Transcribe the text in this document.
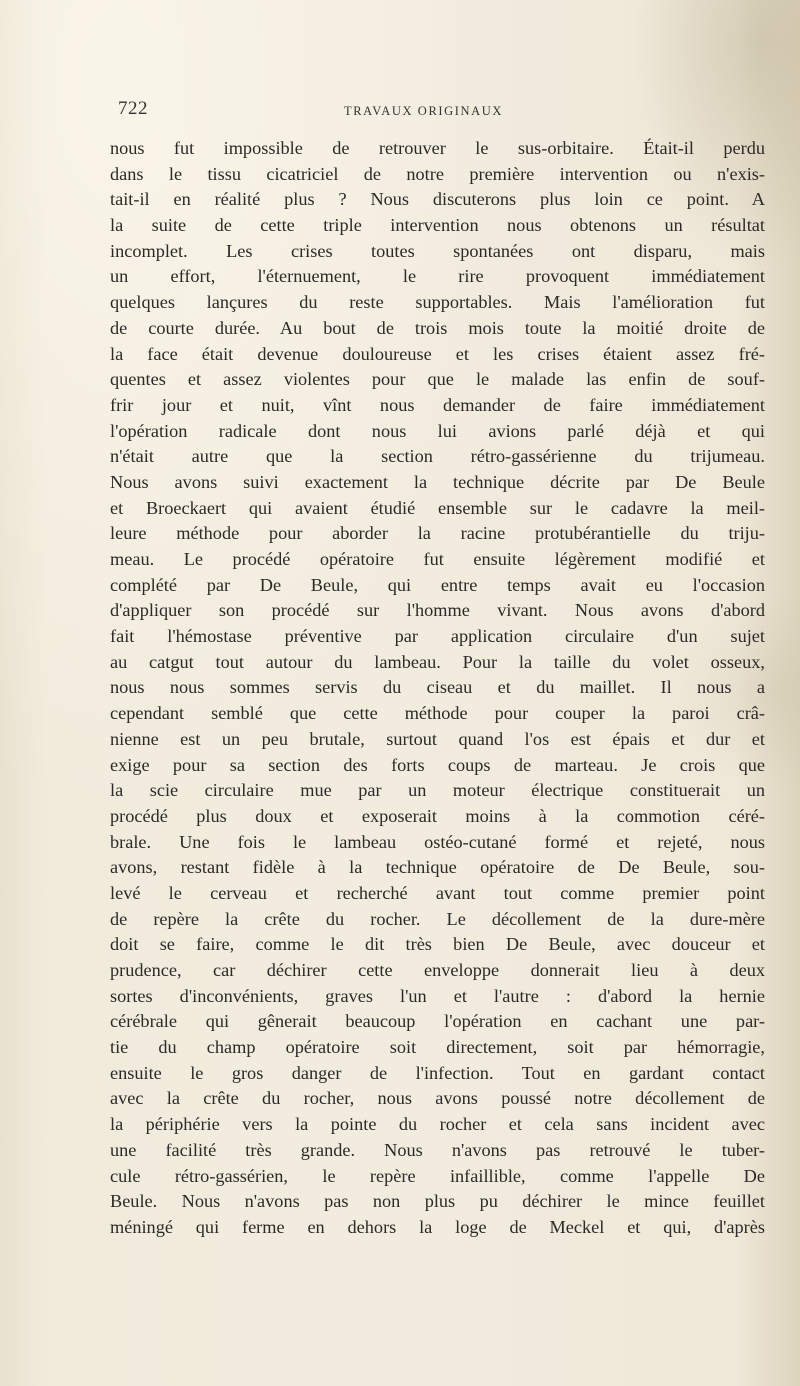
722	TRAVAUX ORIGINAUX
nous fut impossible de retrouver le sus-orbitaire. Était-il perdu
dans le tissu cicatriciel de notre première intervention ou n'exis-
tait-il en réalité plus ? Nous discuterons plus loin ce point. A
la suite de cette triple intervention nous obtenons un résultat
incomplet. Les crises toutes spontanées ont disparu, mais
un effort, l'éternuement, le rire provoquent immédiatement
quelques lançures du reste supportables. Mais l'amélioration fut
de courte durée. Au bout de trois mois toute la moitié droite de
la face était devenue douloureuse et les crises étaient assez fré-
quentes et assez violentes pour que le malade las enfin de souf-
frir jour et nuit, vînt nous demander de faire immédiatement
l'opération radicale dont nous lui avions parlé déjà et qui
n'était autre que la section rétro-gassérienne du trijumeau.
Nous avons suivi exactement la technique décrite par De Beule
et Broeckaert qui avaient étudié ensemble sur le cadavre la meil-
leure méthode pour aborder la racine protubérantielle du triju-
meau. Le procédé opératoire fut ensuite légèrement modifié et
complété par De Beule, qui entre temps avait eu l'occasion
d'appliquer son procédé sur l'homme vivant. Nous avons d'abord
fait l'hémostase préventive par application circulaire d'un sujet
au catgut tout autour du lambeau. Pour la taille du volet osseux,
nous nous sommes servis du ciseau et du maillet. Il nous a
cependant semblé que cette méthode pour couper la paroi crâ-
nienne est un peu brutale, surtout quand l'os est épais et dur et
exige pour sa section des forts coups de marteau. Je crois que
la scie circulaire mue par un moteur électrique constituerait un
procédé plus doux et exposerait moins à la commotion céré-
brale. Une fois le lambeau ostéo-cutané formé et rejeté, nous
avons, restant fidèle à la technique opératoire de De Beule, sou-
levé le cerveau et recherché avant tout comme premier point
de repère la crête du rocher. Le décollement de la dure-mère
doit se faire, comme le dit très bien De Beule, avec douceur et
prudence, car déchirer cette enveloppe donnerait lieu à deux
sortes d'inconvénients, graves l'un et l'autre : d'abord la hernie
cérébrale qui gênerait beaucoup l'opération en cachant une par-
tie du champ opératoire soit directement, soit par hémorragie,
ensuite le gros danger de l'infection. Tout en gardant contact
avec la crête du rocher, nous avons poussé notre décollement de
la périphérie vers la pointe du rocher et cela sans incident avec
une facilité très grande. Nous n'avons pas retrouvé le tuber-
cule rétro-gassérien, le repère infaillible, comme l'appelle De
Beule. Nous n'avons pas non plus pu déchirer le mince feuillet
méningé qui ferme en dehors la loge de Meckel et qui, d'après
